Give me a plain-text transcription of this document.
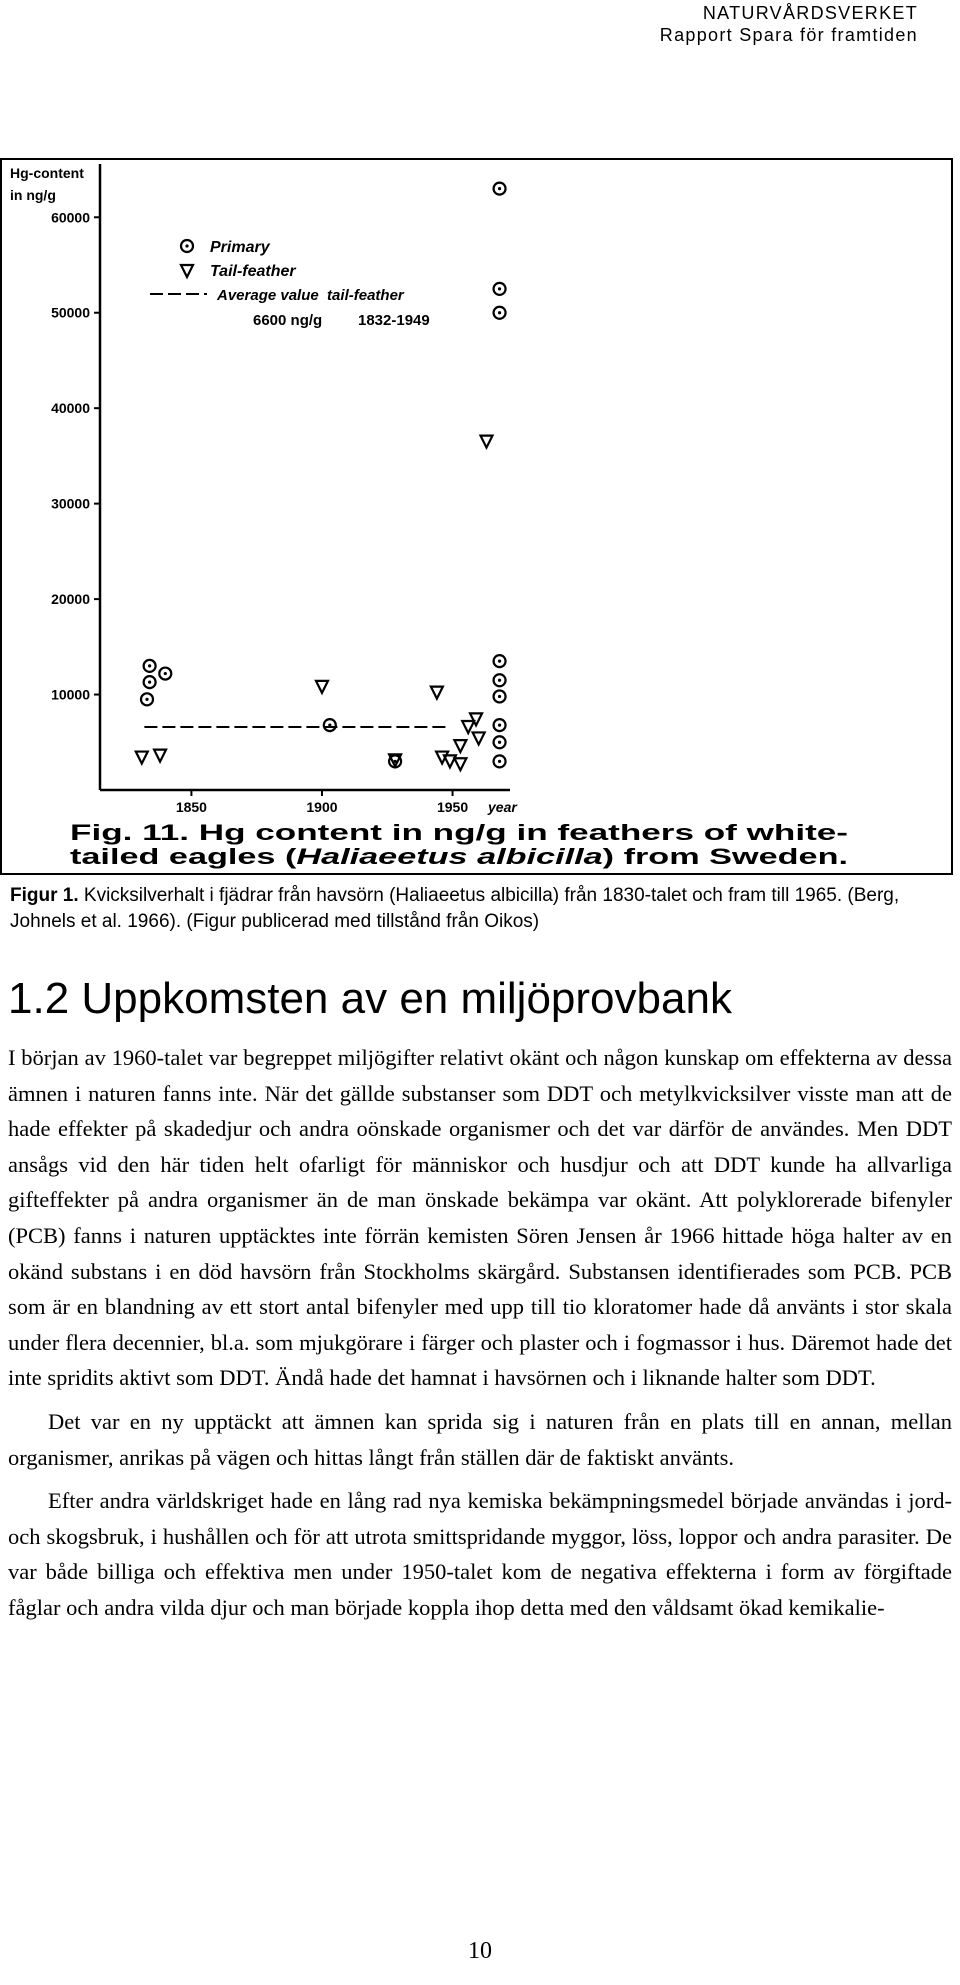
NATURVÅRDSVERKET
Rapport Spara för framtiden
Hg-content
in ng/g
10000
20000
30000
40000
50000
60000
1850	1900	1950 year
Primary
Tail-feather
Average value  tail-feather
6600 ng/g 1832-1949
Fig. 11. Hg content in ng/g in feathers of white-
tailed eagles (	Haliaeetus albicilla	) from Sweden.
Figur 1. Kvicksilverhalt i fjädrar från havsörn (Haliaeetus albicilla) från 1830-talet och fram till 1965. (Berg, Johnels et al. 1966). (Figur publicerad med tillstånd från Oikos)
1.2 Uppkomsten av en miljöprovbank

I början av 1960-talet var begreppet miljögifter relativt okänt och någon kunskap om effekterna av dessa ämnen i naturen fanns inte. När det gällde substanser som DDT och metylkvicksilver visste man att de hade effekter på skadedjur och andra oönskade organismer och det var därför de användes. Men DDT ansågs vid den här tiden helt ofarligt för människor och husdjur och att DDT kunde ha allvarliga gifteffekter på andra organismer än de man önskade bekämpa var okänt. Att polyklorerade bifenyler (PCB) fanns i naturen upptäcktes inte förrän kemisten Sören Jensen år 1966 hittade höga halter av en okänd substans i en död havsörn från Stockholms skärgård. Substansen identifierades som PCB. PCB som är en blandning av ett stort antal bifenyler med upp till tio kloratomer hade då använts i stor skala under flera decennier, bl.a. som mjukgörare i färger och plaster och i fogmassor i hus. Däremot hade det inte spridits aktivt som DDT. Ändå hade det hamnat i havsörnen och i liknande halter som DDT.

Det var en ny upptäckt att ämnen kan sprida sig i naturen från en plats till en annan, mellan organismer, anrikas på vägen och hittas långt från ställen där de faktiskt använts.

Efter andra världskriget hade en lång rad nya kemiska bekämpningsmedel började användas i jord- och skogsbruk, i hushållen och för att utrota smittspridande myggor, löss, loppor och andra parasiter. De var både billiga och effektiva men under 1950-talet kom de negativa effekterna i form av förgiftade fåglar och andra vilda djur och man började koppla ihop detta med den våldsamt ökad kemikalie-

10
